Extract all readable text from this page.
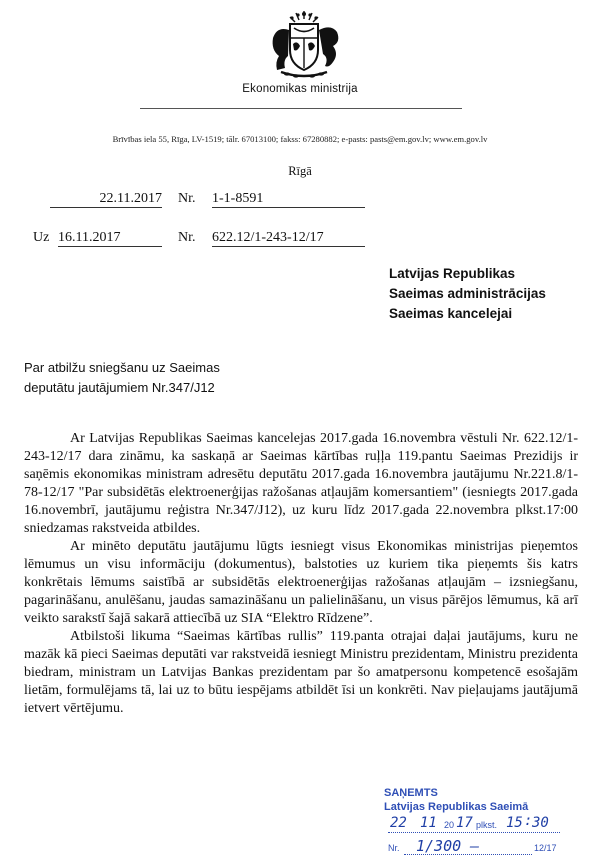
Ekonomikas ministrija
Brīvības iela 55, Rīga, LV-1519; tālr. 67013100; fakss: 67280882; e-pasts: pasts@em.gov.lv; www.em.gov.lv
Rīgā
22.11.2017 Nr. 1-1-8591
Uz 16.11.2017	Nr. 622.12/1-243-12/17
Latvijas Republikas
Saeimas administrācijas
Saeimas kancelejai
Par atbilžu sniegšanu uz Saeimas
deputātu jautājumiem Nr.347/J12

Ar Latvijas Republikas Saeimas kancelejas 2017.gada 16.novembra vēstuli Nr. 622.12/1-243-12/17 dara zināmu, ka saskaņā ar Saeimas kārtības ruļļa 119.pantu Saeimas Prezidijs ir saņēmis ekonomikas ministram adresētu deputātu 2017.gada 16.novembra jautājumu Nr.221.8/1-78-12/17 "Par subsidētās elektroenerģijas ražošanas atļaujām komersantiem" (iesniegts 2017.gada 16.novembrī, jautājumu reģistra Nr.347/J12), uz kuru līdz 2017.gada 22.novembra plkst.17:00 sniedzamas rakstveida atbildes.

Ar minēto deputātu jautājumu lūgts iesniegt visus Ekonomikas ministrijas pieņemtos lēmumus un visu informāciju (dokumentus), balstoties uz kuriem tika pieņemts šis katrs konkrētais lēmums saistībā ar subsidētās elektroenerģijas ražošanas atļaujām – izsniegšanu, pagarināšanu, anulēšanu, jaudas samazināšanu un palielināšanu, un visus pārējos lēmumus, kā arī veikto sarakstī šajā sakarā attiecībā uz SIA “Elektro Rīdzene”.

Atbilstoši likuma “Saeimas kārtības rullis” 119.panta otrajai daļai jautājums, kuru ne mazāk kā pieci Saeimas deputāti var rakstveidā iesniegt Ministru prezidentam, Ministru prezidenta biedram, ministram un Latvijas Bankas prezidentam par šo amatpersonu kompetencē esošajām lietām, formulējams tā, lai uz to būtu iespējams atbildēt īsi un konkrēti. Nav pieļaujams jautājumā ietvert vērtējumu.

SAŅEMTS
Latvijas Republikas Saeimā
22 11 20 17 plkst. 15 : 30
Nr. 1/300 –	12/17
